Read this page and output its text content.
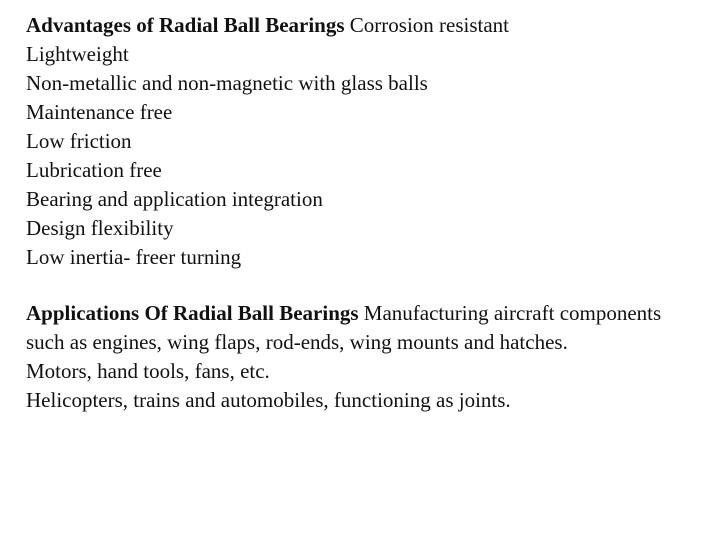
Advantages of Radial Ball Bearings Corrosion resistant
Lightweight
Non-metallic and non-magnetic with glass balls
Maintenance free
Low friction
Lubrication free
Bearing and application integration
Design flexibility
Low inertia- freer turning
Applications Of Radial Ball Bearings Manufacturing aircraft components such as engines, wing flaps, rod-ends, wing mounts and hatches.
Motors, hand tools, fans, etc.
Helicopters, trains and automobiles, functioning as joints.
